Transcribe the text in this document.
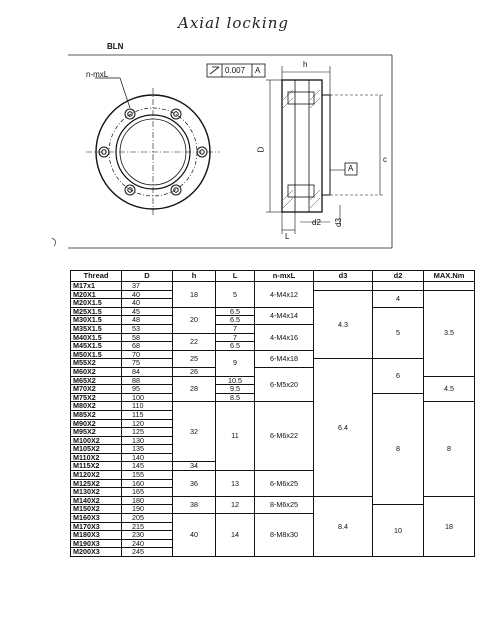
Axial locking
BLN
n-mxL	0.007 A
h
D
c
A
L
d2 d3
Thread	D	h	L	n-mxL	d3	d2	MAX.Nm
M17x1	37	18	5	4-M4x12			
M20X1	40				4.3	4	3.5
M20X1.5	40						
M25X1.5	45	20	6.5	4-M4x14		5	
M30X1.5	48		6.5				
M35X1.5	53		7	4-M4x16			
M40X1.5	58	22	7				
M45X1.5	68		6.5				
M50X1.5	70	25	9	6-M4x18			
M55X2	75				6.4	6	
M60X2	84	26		6-M5x20			
M65X2	88	28	10.5				4.5
M70X2	95		9.5				
M75X2	100		8.5			8	
M80X2	110	32	11	6-M6x22			8
M85X2	115						
M90X2	120						
M95X2	125						
M100X2	130						
M105X2	135						
M110X2	140						
M115X2	145	34					
M120X2	155	36	13	6-M6x25			
M125X2	160						
M130X2	165						
M140X2	180	38	12	8-M6x25	8.4		18
M150X2	190					10	
M160X3	205	40	14	8-M8x30			
M170X3	215						
M180X3	230						
M190X3	240						
M200X3	245						
